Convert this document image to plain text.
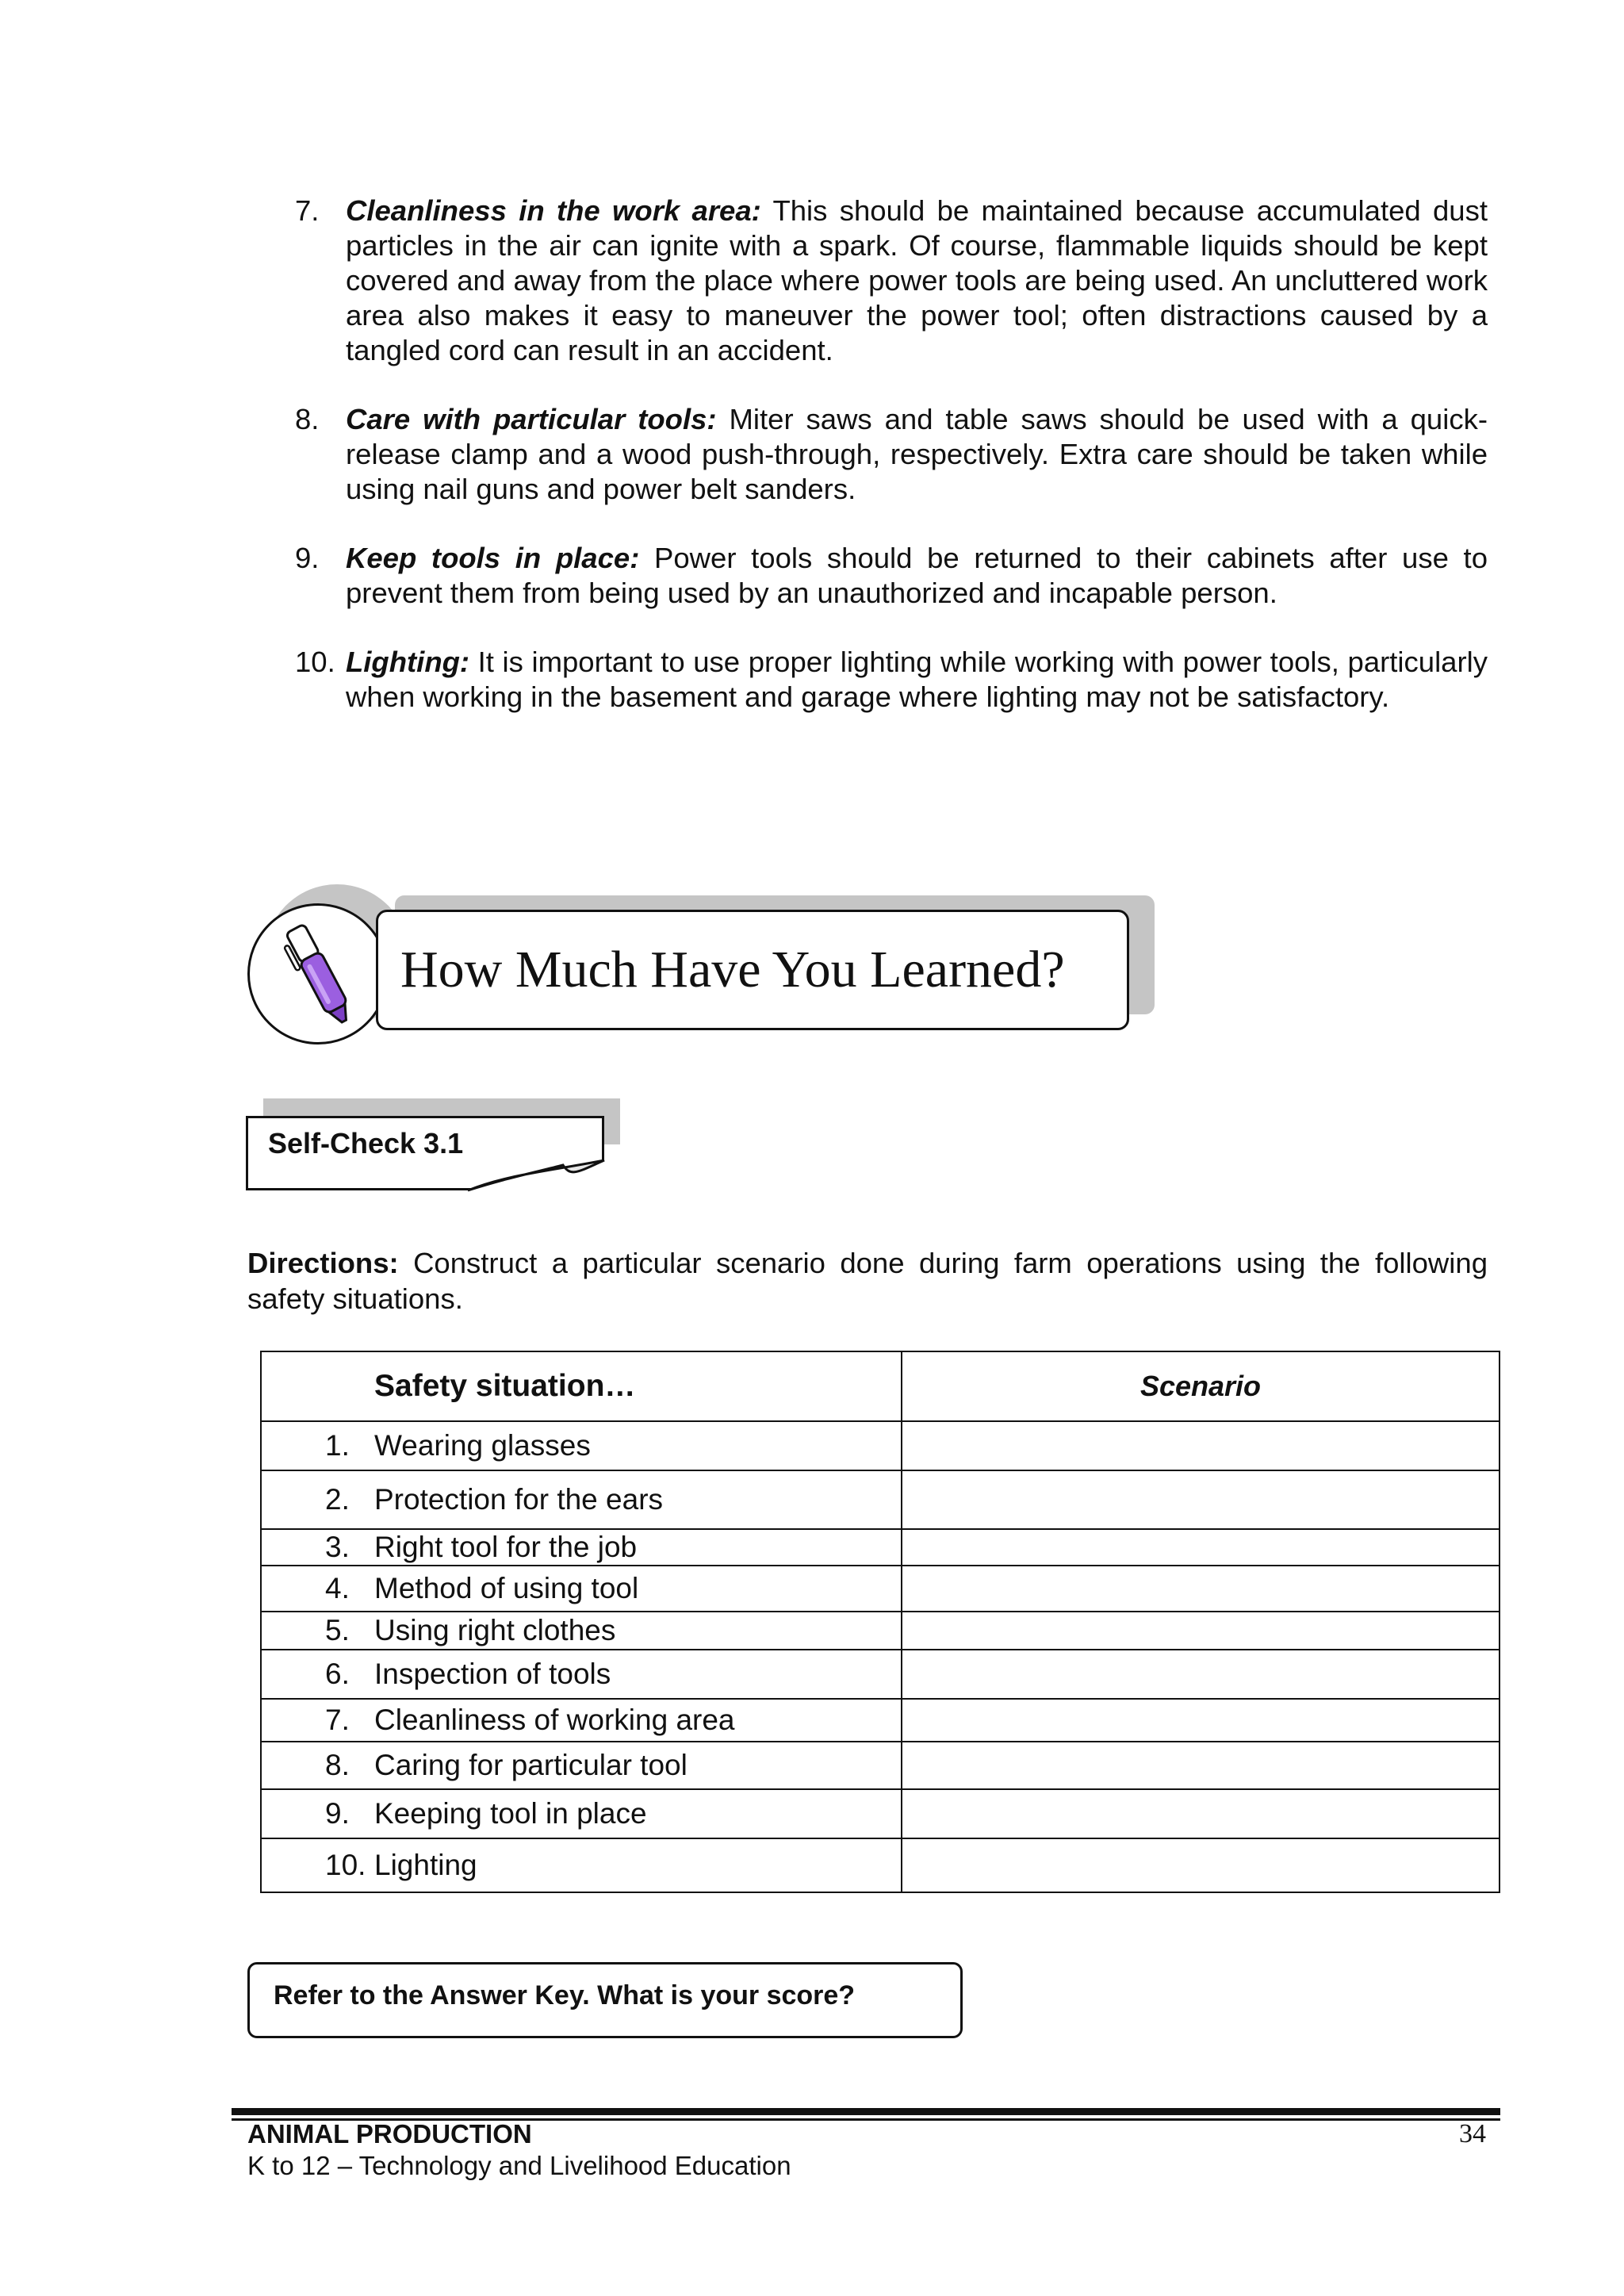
7. Cleanliness in the work area: This should be maintained because accumulated dust particles in the air can ignite with a spark. Of course, flammable liquids should be kept covered and away from the place where power tools are being used. An uncluttered work area also makes it easy to maneuver the power tool; often distractions caused by a tangled cord can result in an accident.
8. Care with particular tools: Miter saws and table saws should be used with a quick-release clamp and a wood push-through, respectively. Extra care should be taken while using nail guns and power belt sanders.
9. Keep tools in place: Power tools should be returned to their cabinets after use to prevent them from being used by an unauthorized and incapable person.
10. Lighting: It is important to use proper lighting while working with power tools, particularly when working in the basement and garage where lighting may not be satisfactory.
How Much Have You Learned?
Self-Check 3.1
Directions: Construct a particular scenario done during farm operations using the following safety situations.
Safety situation…	Scenario
1. Wearing glasses	
2. Protection for the ears	
3. Right tool for the job	
4. Method of using tool	
5. Using right clothes	
6. Inspection of tools	
7. Cleanliness of working area	
8. Caring for particular tool	
9. Keeping tool in place	
10. Lighting	
Refer to the Answer Key. What is your score?
ANIMAL PRODUCTION
K to 12 – Technology and Livelihood Education
34
